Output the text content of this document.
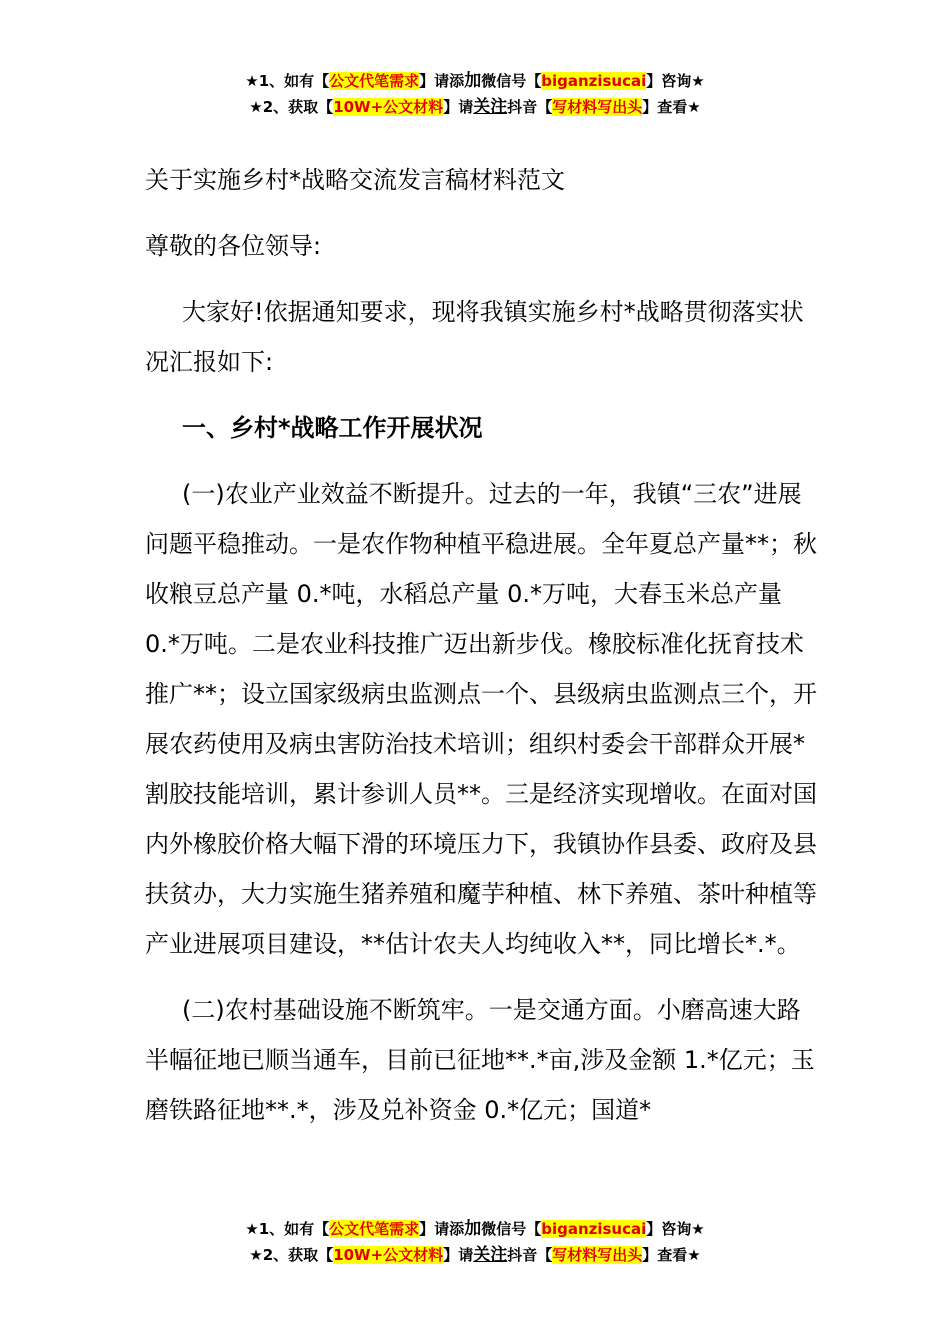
★1、如有【公文代笔需求】请添加微信号【biganzisucai】咨询★
★2、获取【10W+公文材料】请关注抖音【写材料写出头】查看★

关于实施乡村*战略交流发言稿材料范文

尊敬的各位领导:

大家好!依据通知要求，现将我镇实施乡村*战略贯彻落实状况汇报如下:

一、乡村*战略工作开展状况

(一)农业产业效益不断提升。过去的一年，我镇“三农”进展问题平稳推动。一是农作物种植平稳进展。全年夏总产量**；秋收粮豆总产量 0.*吨，水稻总产量 0.*万吨，大春玉米总产量 0.*万吨。二是农业科技推广迈出新步伐。橡胶标准化抚育技术推广**；设立国家级病虫监测点一个、县级病虫监测点三个，开展农药使用及病虫害防治技术培训；组织村委会干部群众开展*割胶技能培训，累计参训人员**。三是经济实现增收。在面对国内外橡胶价格大幅下滑的环境压力下，我镇协作县委、政府及县扶贫办，大力实施生猪养殖和魔芋种植、林下养殖、茶叶种植等产业进展项目建设，**估计农夫人均纯收入**，同比增长*.*。

(二)农村基础设施不断筑牢。一是交通方面。小磨高速大路半幅征地已顺当通车，目前已征地**.*亩,涉及金额 1.*亿元；玉磨铁路征地**.*，涉及兑补资金 0.*亿元；国道*

★1、如有【公文代笔需求】请添加微信号【biganzisucai】咨询★
★2、获取【10W+公文材料】请关注抖音【写材料写出头】查看★
